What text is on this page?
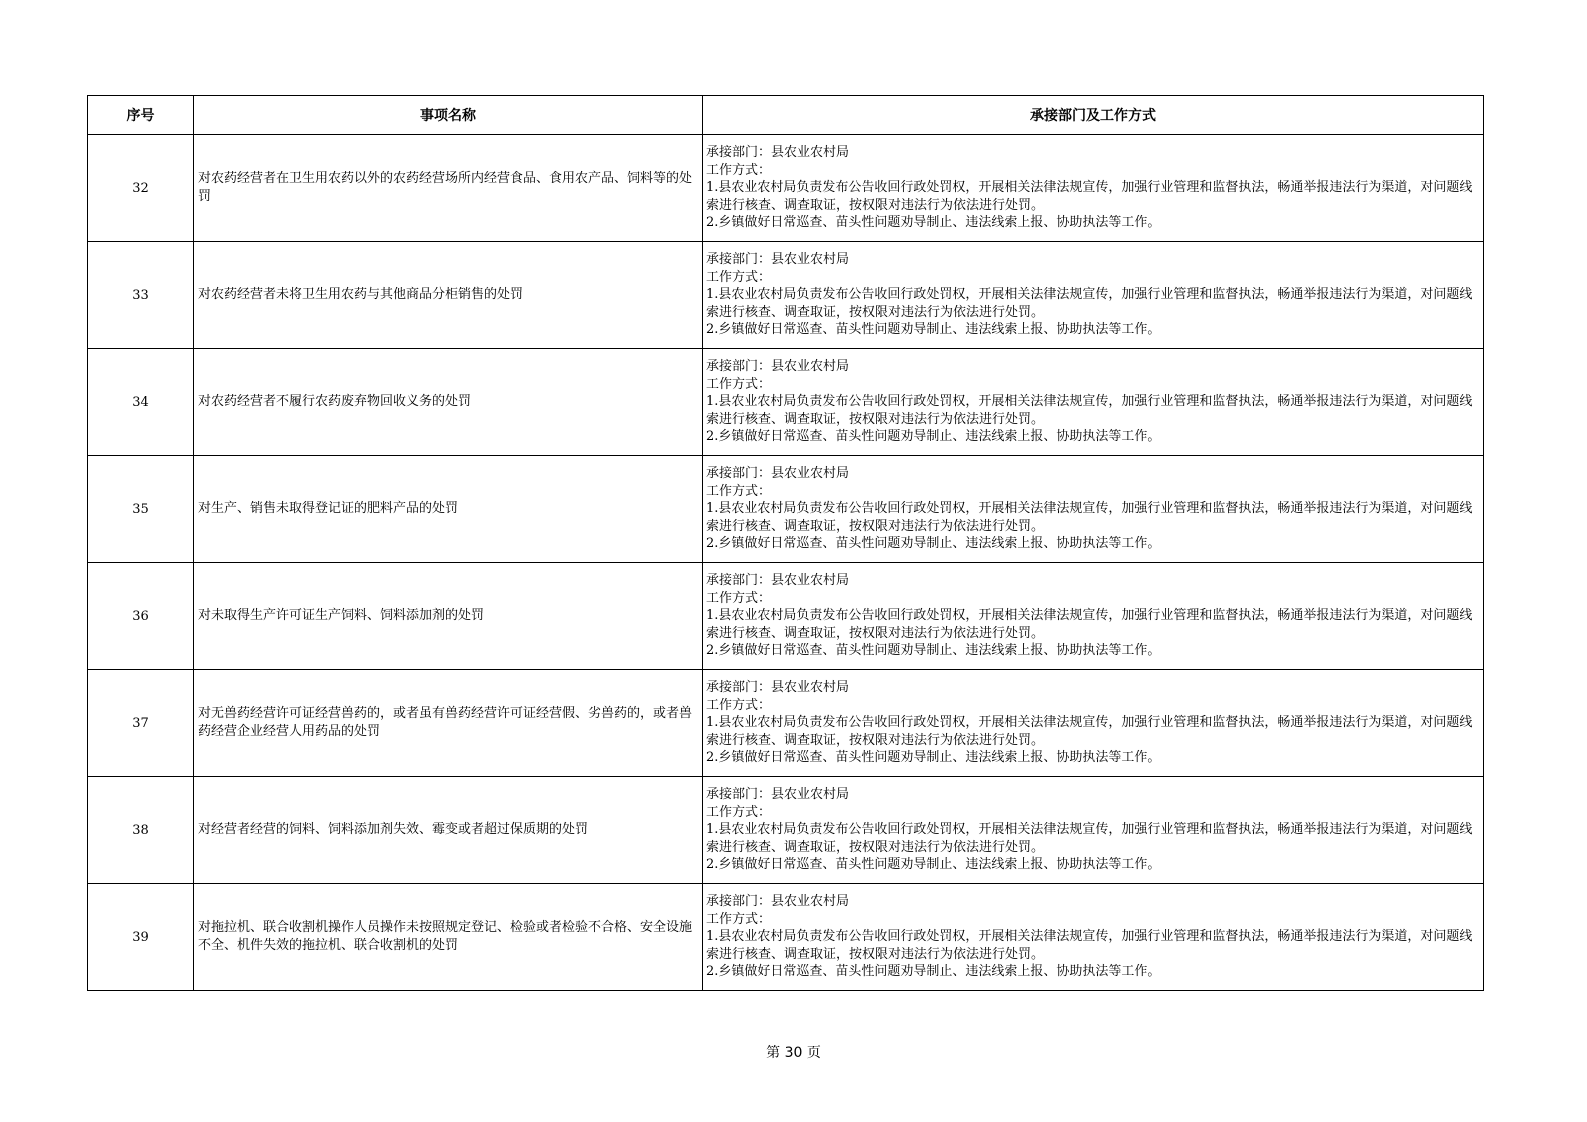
序号	事项名称	承接部门及工作方式
32	对农药经营者在卫生用农药以外的农药经营场所内经营食品、食用农产品、饲料等的处罚	承接部门：县农业农村局
工作方式：
1.县农业农村局负责发布公告收回行政处罚权，开展相关法律法规宣传，加强行业管理和监督执法，畅通举报违法行为渠道，对问题线索进行核查、调查取证，按权限对违法行为依法进行处罚。
2.乡镇做好日常巡查、苗头性问题劝导制止、违法线索上报、协助执法等工作。

33	对农药经营者未将卫生用农药与其他商品分柜销售的处罚	承接部门：县农业农村局
工作方式：
1.县农业农村局负责发布公告收回行政处罚权，开展相关法律法规宣传，加强行业管理和监督执法，畅通举报违法行为渠道，对问题线索进行核查、调查取证，按权限对违法行为依法进行处罚。
2.乡镇做好日常巡查、苗头性问题劝导制止、违法线索上报、协助执法等工作。

34	对农药经营者不履行农药废弃物回收义务的处罚	承接部门：县农业农村局
工作方式：
1.县农业农村局负责发布公告收回行政处罚权，开展相关法律法规宣传，加强行业管理和监督执法，畅通举报违法行为渠道，对问题线索进行核查、调查取证，按权限对违法行为依法进行处罚。
2.乡镇做好日常巡查、苗头性问题劝导制止、违法线索上报、协助执法等工作。

35	对生产、销售未取得登记证的肥料产品的处罚	承接部门：县农业农村局
工作方式：
1.县农业农村局负责发布公告收回行政处罚权，开展相关法律法规宣传，加强行业管理和监督执法，畅通举报违法行为渠道，对问题线索进行核查、调查取证，按权限对违法行为依法进行处罚。
2.乡镇做好日常巡查、苗头性问题劝导制止、违法线索上报、协助执法等工作。

36	对未取得生产许可证生产饲料、饲料添加剂的处罚	承接部门：县农业农村局
工作方式：
1.县农业农村局负责发布公告收回行政处罚权，开展相关法律法规宣传，加强行业管理和监督执法，畅通举报违法行为渠道，对问题线索进行核查、调查取证，按权限对违法行为依法进行处罚。
2.乡镇做好日常巡查、苗头性问题劝导制止、违法线索上报、协助执法等工作。

37	对无兽药经营许可证经营兽药的，或者虽有兽药经营许可证经营假、劣兽药的，或者兽药经营企业经营人用药品的处罚	承接部门：县农业农村局
工作方式：
1.县农业农村局负责发布公告收回行政处罚权，开展相关法律法规宣传，加强行业管理和监督执法，畅通举报违法行为渠道，对问题线索进行核查、调查取证，按权限对违法行为依法进行处罚。
2.乡镇做好日常巡查、苗头性问题劝导制止、违法线索上报、协助执法等工作。

38	对经营者经营的饲料、饲料添加剂失效、霉变或者超过保质期的处罚	承接部门：县农业农村局
工作方式：
1.县农业农村局负责发布公告收回行政处罚权，开展相关法律法规宣传，加强行业管理和监督执法，畅通举报违法行为渠道，对问题线索进行核查、调查取证，按权限对违法行为依法进行处罚。
2.乡镇做好日常巡查、苗头性问题劝导制止、违法线索上报、协助执法等工作。

39	对拖拉机、联合收割机操作人员操作未按照规定登记、检验或者检验不合格、安全设施不全、机件失效的拖拉机、联合收割机的处罚	承接部门：县农业农村局
工作方式：
1.县农业农村局负责发布公告收回行政处罚权，开展相关法律法规宣传，加强行业管理和监督执法，畅通举报违法行为渠道，对问题线索进行核查、调查取证，按权限对违法行为依法进行处罚。
2.乡镇做好日常巡查、苗头性问题劝导制止、违法线索上报、协助执法等工作。
第 30 页
